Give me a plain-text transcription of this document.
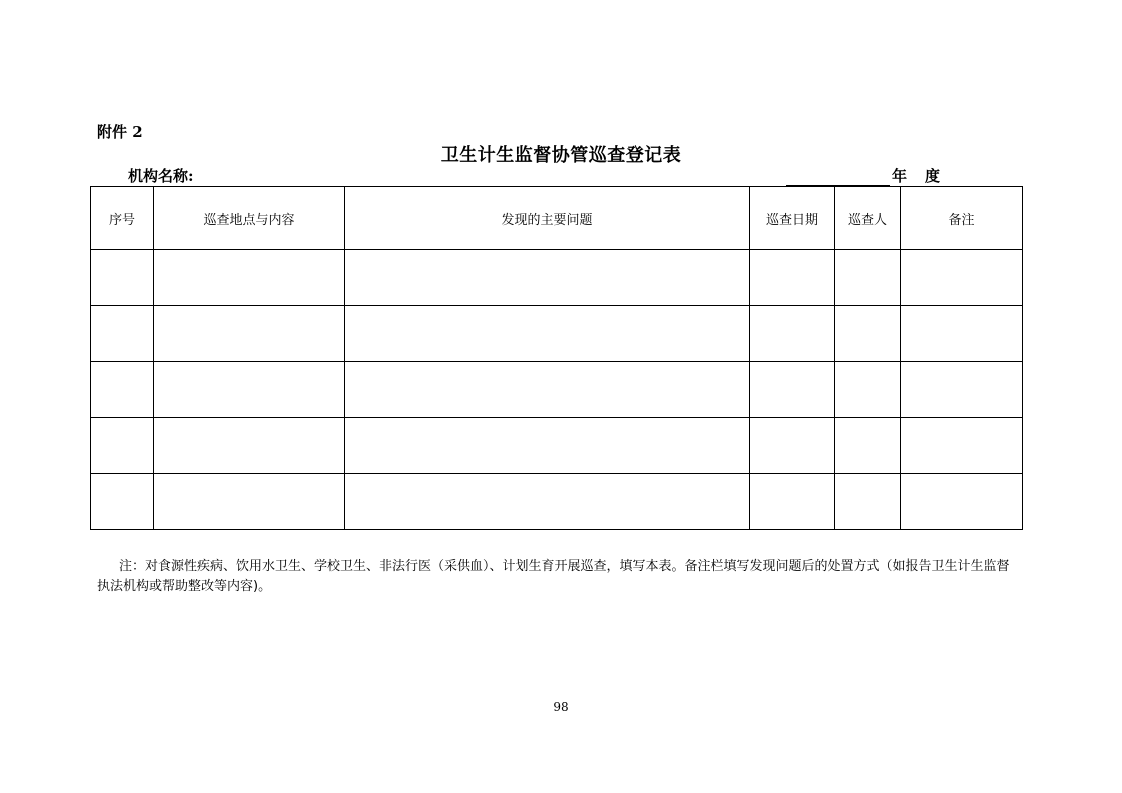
附件 2
卫生计生监督协管巡查登记表
机构名称:	年 度
序号	巡查地点与内容	发现的主要问题	巡查日期	巡查人	备注

注：对食源性疾病、饮用水卫生、学校卫生、非法行医（采供血）、计划生育开展巡查，填写本表。备注栏填写发现问题后的处置方式（如报告卫生计生监督执法机构或帮助整改等内容)。
98
